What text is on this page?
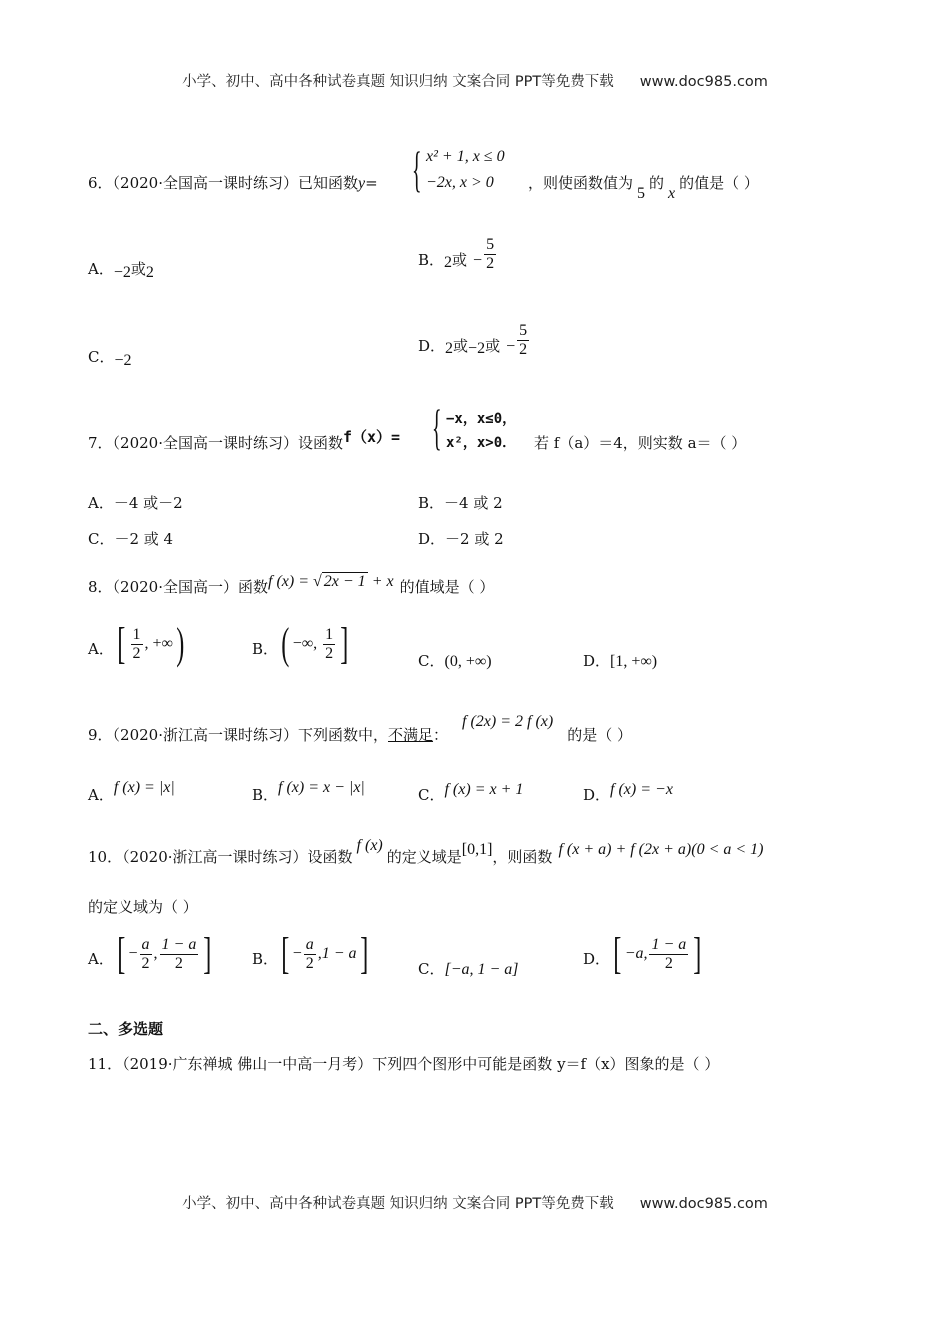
小学、初中、高中各种试卷真题 知识归纳 文案合同 PPT等免费下载 www.doc985.com
6．（2020·全国高一课时练习）已知函数y= { x² + 1, x ≤ 0
−2x, x > 0 ，则使函数值为5的x的值是（ ）
A．−2或2
B．2或 − $\frac{5}{2}$
C．−2
D．2或−2或 − $\frac{5}{2}$
7．（2020·全国高一课时练习）设函数f（x）= { −x，x≤0，
x²，x>0． 若 f（a）＝4，则实数 a＝（ ）
A．－4 或－2	B．－4 或 2
C．－2 或 4	D．－2 或 2
8．（2020·全国高一）函数f (x) = √ 2x − 1 + x 的值域是（ ）
A．[ $\frac{1}{2}$ , +∞)	B．( −∞, $\frac{1}{2}$ ]	C．(0, +∞)	D．[1, +∞)
9．（2020·浙江高一课时练习）下列函数中，不满足：f (2x) = 2 f (x)的是（ ）
A．f (x) = |x|	B．f (x) = x − |x|	C．f (x) = x + 1	D．f (x) = −x
10．（2020·浙江高一课时练习）设函数f (x)的定义域是[0,1]，则函数 f (x + a) + f (2x + a)(0 < a < 1)
的定义域为（ ）
A．[ − $\frac{a}{2}$ , $\frac{1 - a}{2}$ ]	B．[ − $\frac{a}{2} ,1 - a$]	C．[−a, 1 − a]
D．[ −a, $\frac{1 - a}{2}$ ]
二、多选题
11．（2019·广东禅城 佛山一中高一月考）下列四个图形中可能是函数 y＝f（x）图象的是（ ）
小学、初中、高中各种试卷真题 知识归纳 文案合同 PPT等免费下载 www.doc985.com
